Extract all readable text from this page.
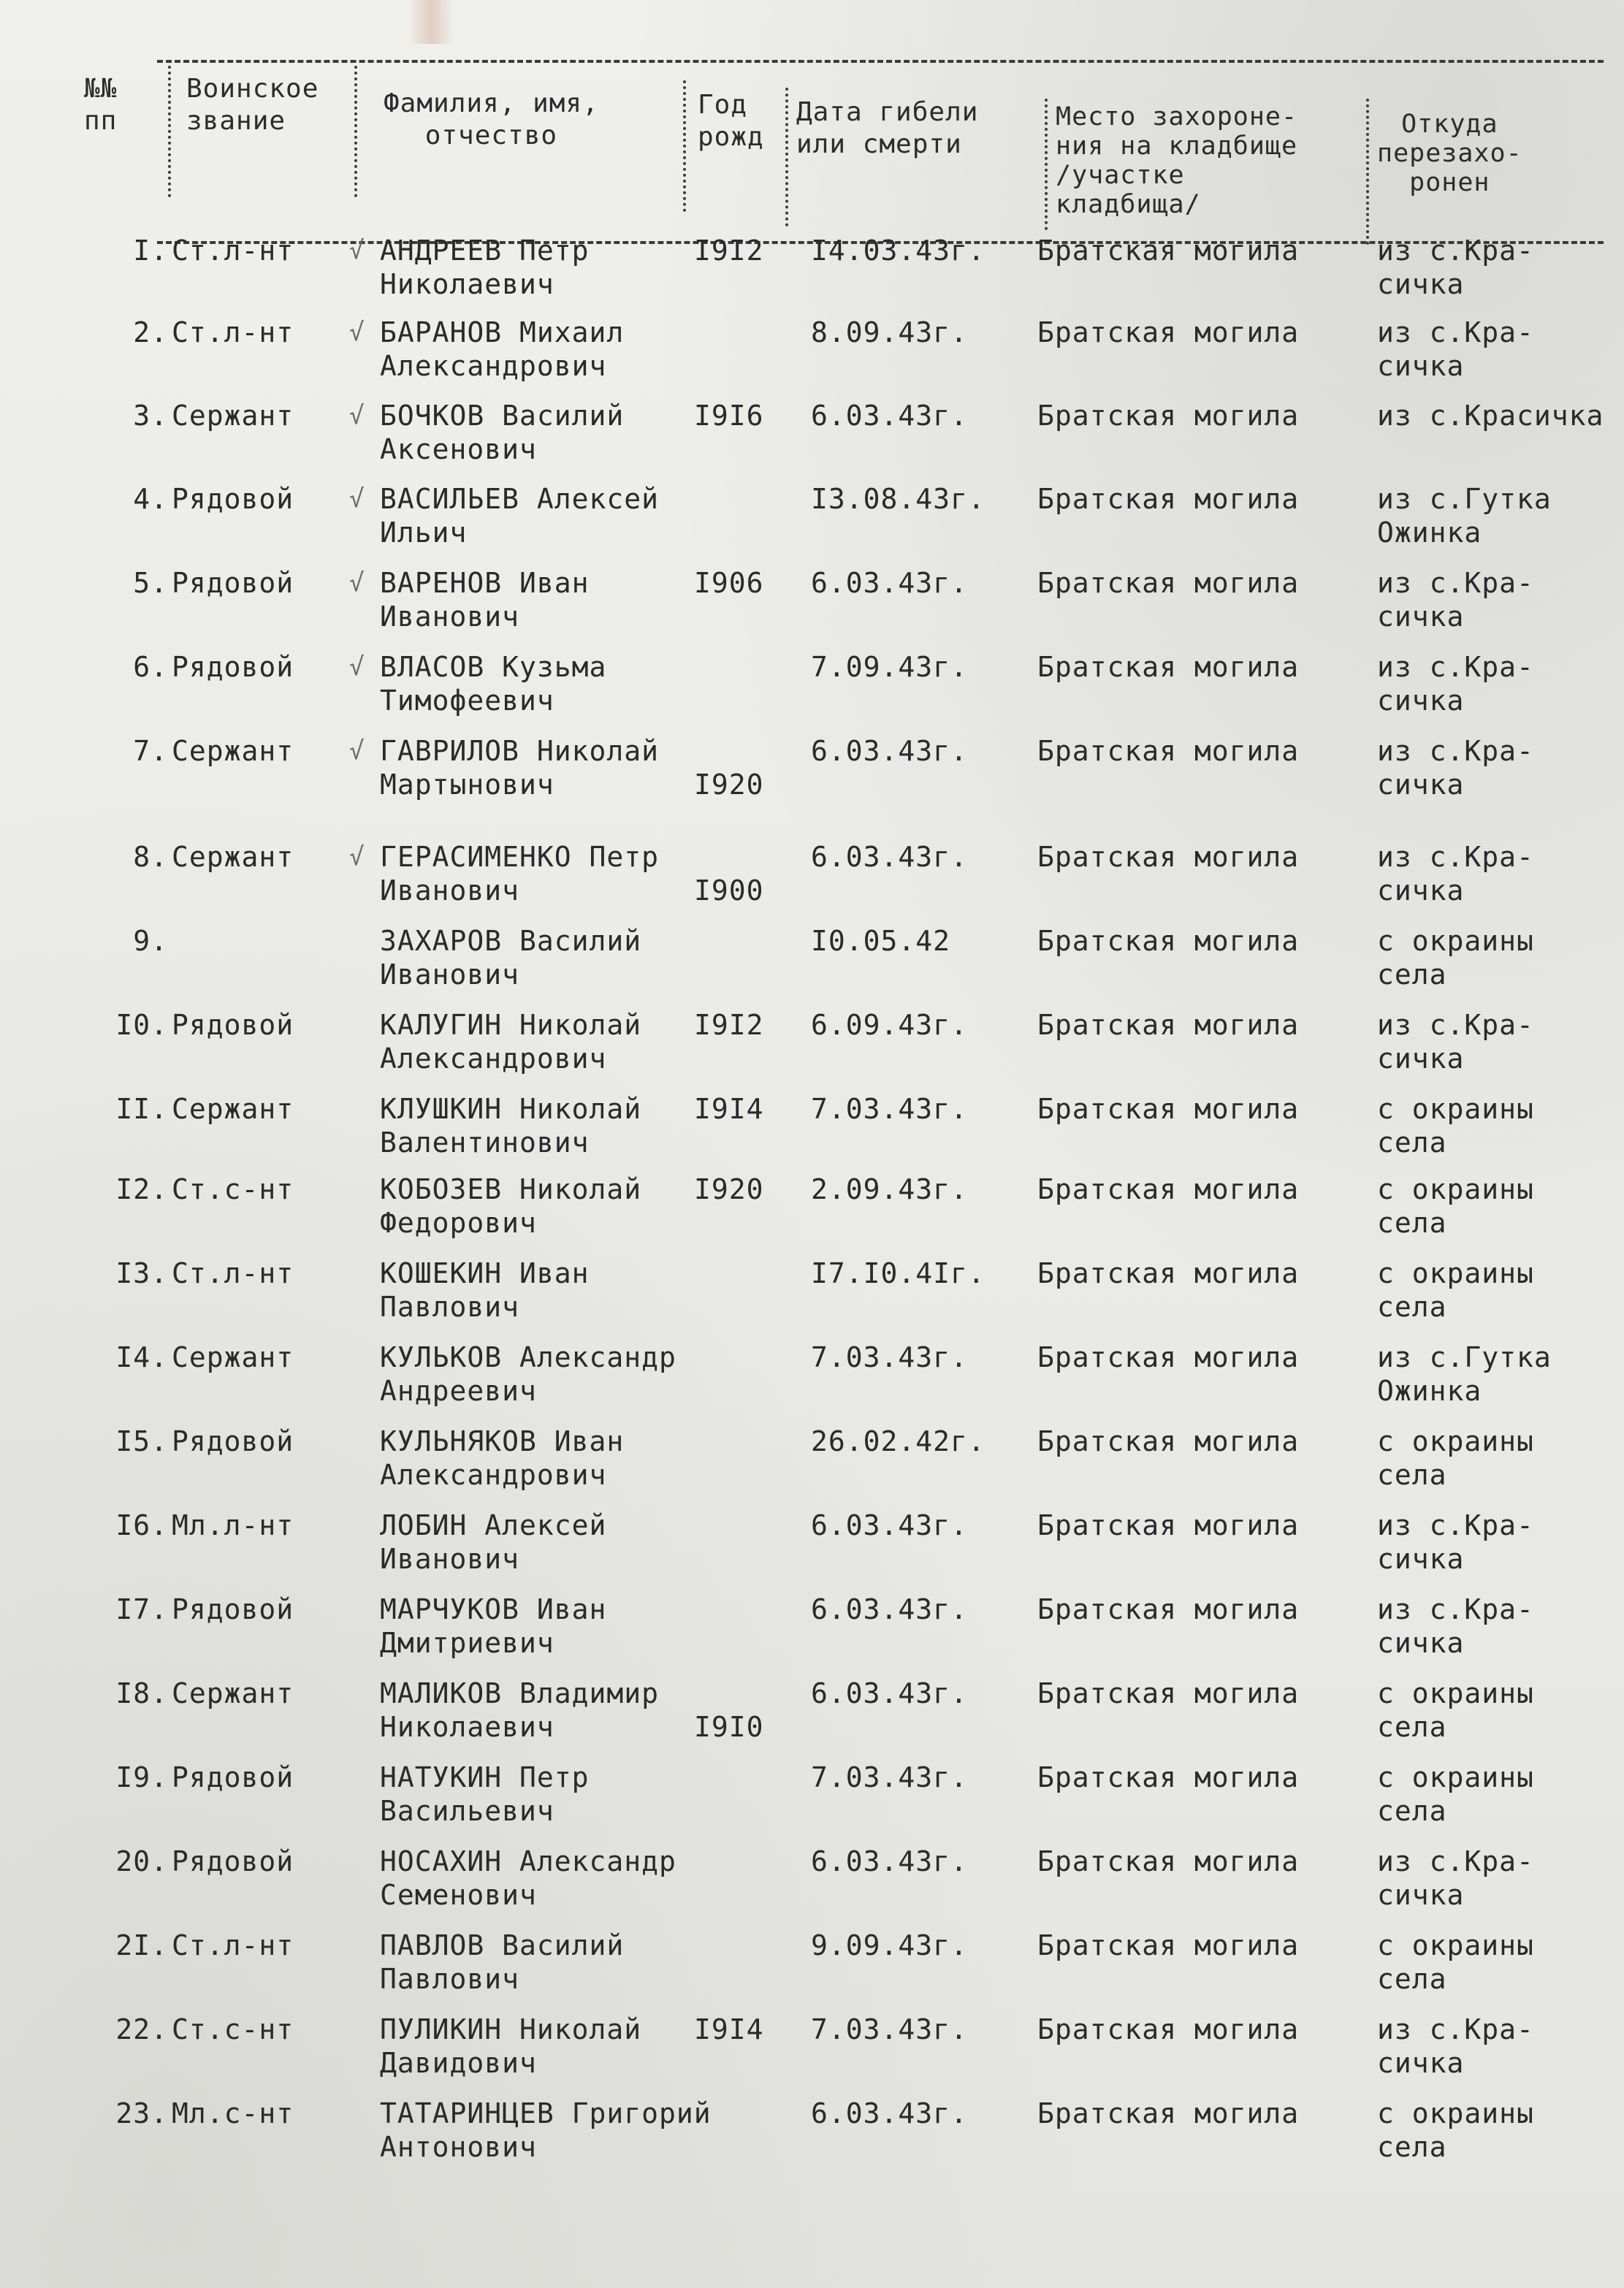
№№
пп
Воинское
звание
Фамилия, имя,
отчество
Год
рожд
Дата гибели
или смерти
Место захороне-
ния на кладбище
/участке
кладбища/
Откуда
перезахо-
ронен
I. Ст.л-нт	√ АНДРЕЕВ Петр
Николаевич
I9I2 I4.03.43г.	Братская могила	из с.Кра-
сичка
2. Ст.л-нт	√ БАРАНОВ Михаил
Александрович
8.09.43г.	Братская могила	из с.Кра-
сичка
3. Сержант	√ БОЧКОВ Василий
Аксенович
I9I6 6.03.43г.	Братская могила	из с.Красичка
4. Рядовой	√ ВАСИЛЬЕВ Алексей
Ильич
I3.08.43г.	Братская могила	из с.Гутка
Ожинка
5. Рядовой	√ ВАРЕНОВ Иван
Иванович
I906 6.03.43г.	Братская могила	из с.Кра-
сичка
6. Рядовой	√ ВЛАСОВ Кузьма
Тимофеевич
7.09.43г.	Братская могила	из с.Кра-
сичка
7. Сержант	√ ГАВРИЛОВ Николай
Мартынович	I920
6.03.43г.	Братская могила	из с.Кра-
сичка
8. Сержант	√ ГЕРАСИМЕНКО Петр
Иванович	I900
6.03.43г.	Братская могила	из с.Кра-
сичка
9.	ЗАХАРОВ Василий
Иванович
I0.05.42	Братская могила	с окраины
села
I0. Рядовой	КАЛУГИН Николай
Александрович
I9I2 6.09.43г.	Братская могила	из с.Кра-
сичка
II. Сержант	КЛУШКИН Николай
Валентинович
I9I4 7.03.43г.	Братская могила	с окраины
села
I2. Ст.с-нт	КОБОЗЕВ Николай
Федорович
I920 2.09.43г.	Братская могила	с окраины
села
I3. Ст.л-нт	КОШЕКИН Иван
Павлович
I7.I0.4Iг.	Братская могила	с окраины
села
I4. Сержант	КУЛЬКОВ Александр
Андреевич
7.03.43г.	Братская могила	из с.Гутка
Ожинка
I5. Рядовой	КУЛЬНЯКОВ Иван
Александрович
26.02.42г.	Братская могила	с окраины
села
I6. Мл.л-нт	ЛОБИН Алексей
Иванович
6.03.43г.	Братская могила	из с.Кра-
сичка
I7. Рядовой	МАРЧУКОВ Иван
Дмитриевич
6.03.43г.	Братская могила	из с.Кра-
сичка
I8. Сержант	МАЛИКОВ Владимир
Николаевич	I9I0
6.03.43г.	Братская могила	с окраины
села
I9. Рядовой	НАТУКИН Петр
Васильевич
7.03.43г.	Братская могила	с окраины
села
20. Рядовой	НОСАХИН Александр
Семенович
6.03.43г.	Братская могила	из с.Кра-
сичка
2I. Ст.л-нт	ПАВЛОВ Василий
Павлович
9.09.43г.	Братская могила	с окраины
села
22. Ст.с-нт	ПУЛИКИН Николай
Давидович
I9I4 7.03.43г.	Братская могила	из с.Кра-
сичка
23. Мл.с-нт	ТАТАРИНЦЕВ Григорий
Антонович
6.03.43г.	Братская могила	с окраины
села
